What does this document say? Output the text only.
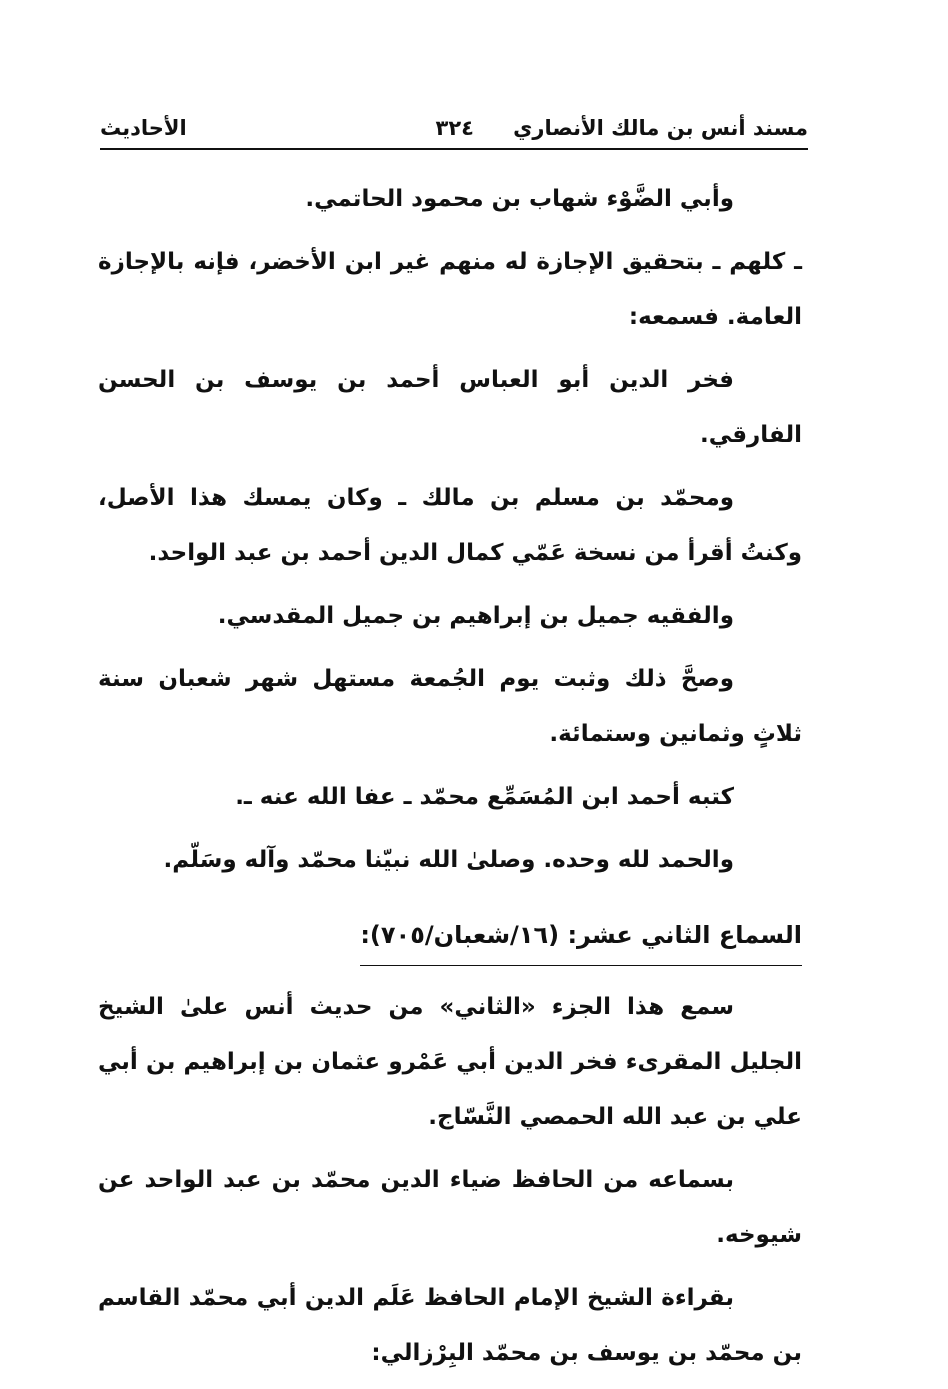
مسند أنس بن مالك الأنصاري
٣٢٤
الأحاديث

وأبي الضَّوْء شهاب بن محمود الحاتمي.

ـ كلهم ـ بتحقيق الإجازة له منهم غير ابن الأخضر، فإنه بالإجازة العامة. فسمعه:

فخر الدين أبو العباس أحمد بن يوسف بن الحسن الفارقي.

ومحمّد بن مسلم بن مالك ـ وكان يمسك هذا الأصل، وكنتُ أقرأ من نسخة عَمّي كمال الدين أحمد بن عبد الواحد.

والفقيه جميل بن إبراهيم بن جميل المقدسي.

وصحَّ ذلك وثبت يوم الجُمعة مستهل شهر شعبان سنة ثلاثٍ وثمانين وستمائة.

كتبه أحمد ابن المُسَمِّع محمّد ـ عفا الله عنه ـ.

والحمد لله وحده. وصلىٰ الله نبيّنا محمّد وآله وسَلّم.

السماع الثاني عشر: (١٦/شعبان/٧٠٥):

سمع هذا الجزء «الثاني» من حديث أنس علىٰ الشيخ الجليل المقرىء فخر الدين أبي عَمْرو عثمان بن إبراهيم بن أبي علي بن عبد الله الحمصي النَّسّاج.

بسماعه من الحافظ ضياء الدين محمّد بن عبد الواحد عن شيوخه.

بقراءة الشيخ الإمام الحافظ عَلَم الدين أبي محمّد القاسم بن محمّد بن يوسف بن محمّد البِرْزالي:
